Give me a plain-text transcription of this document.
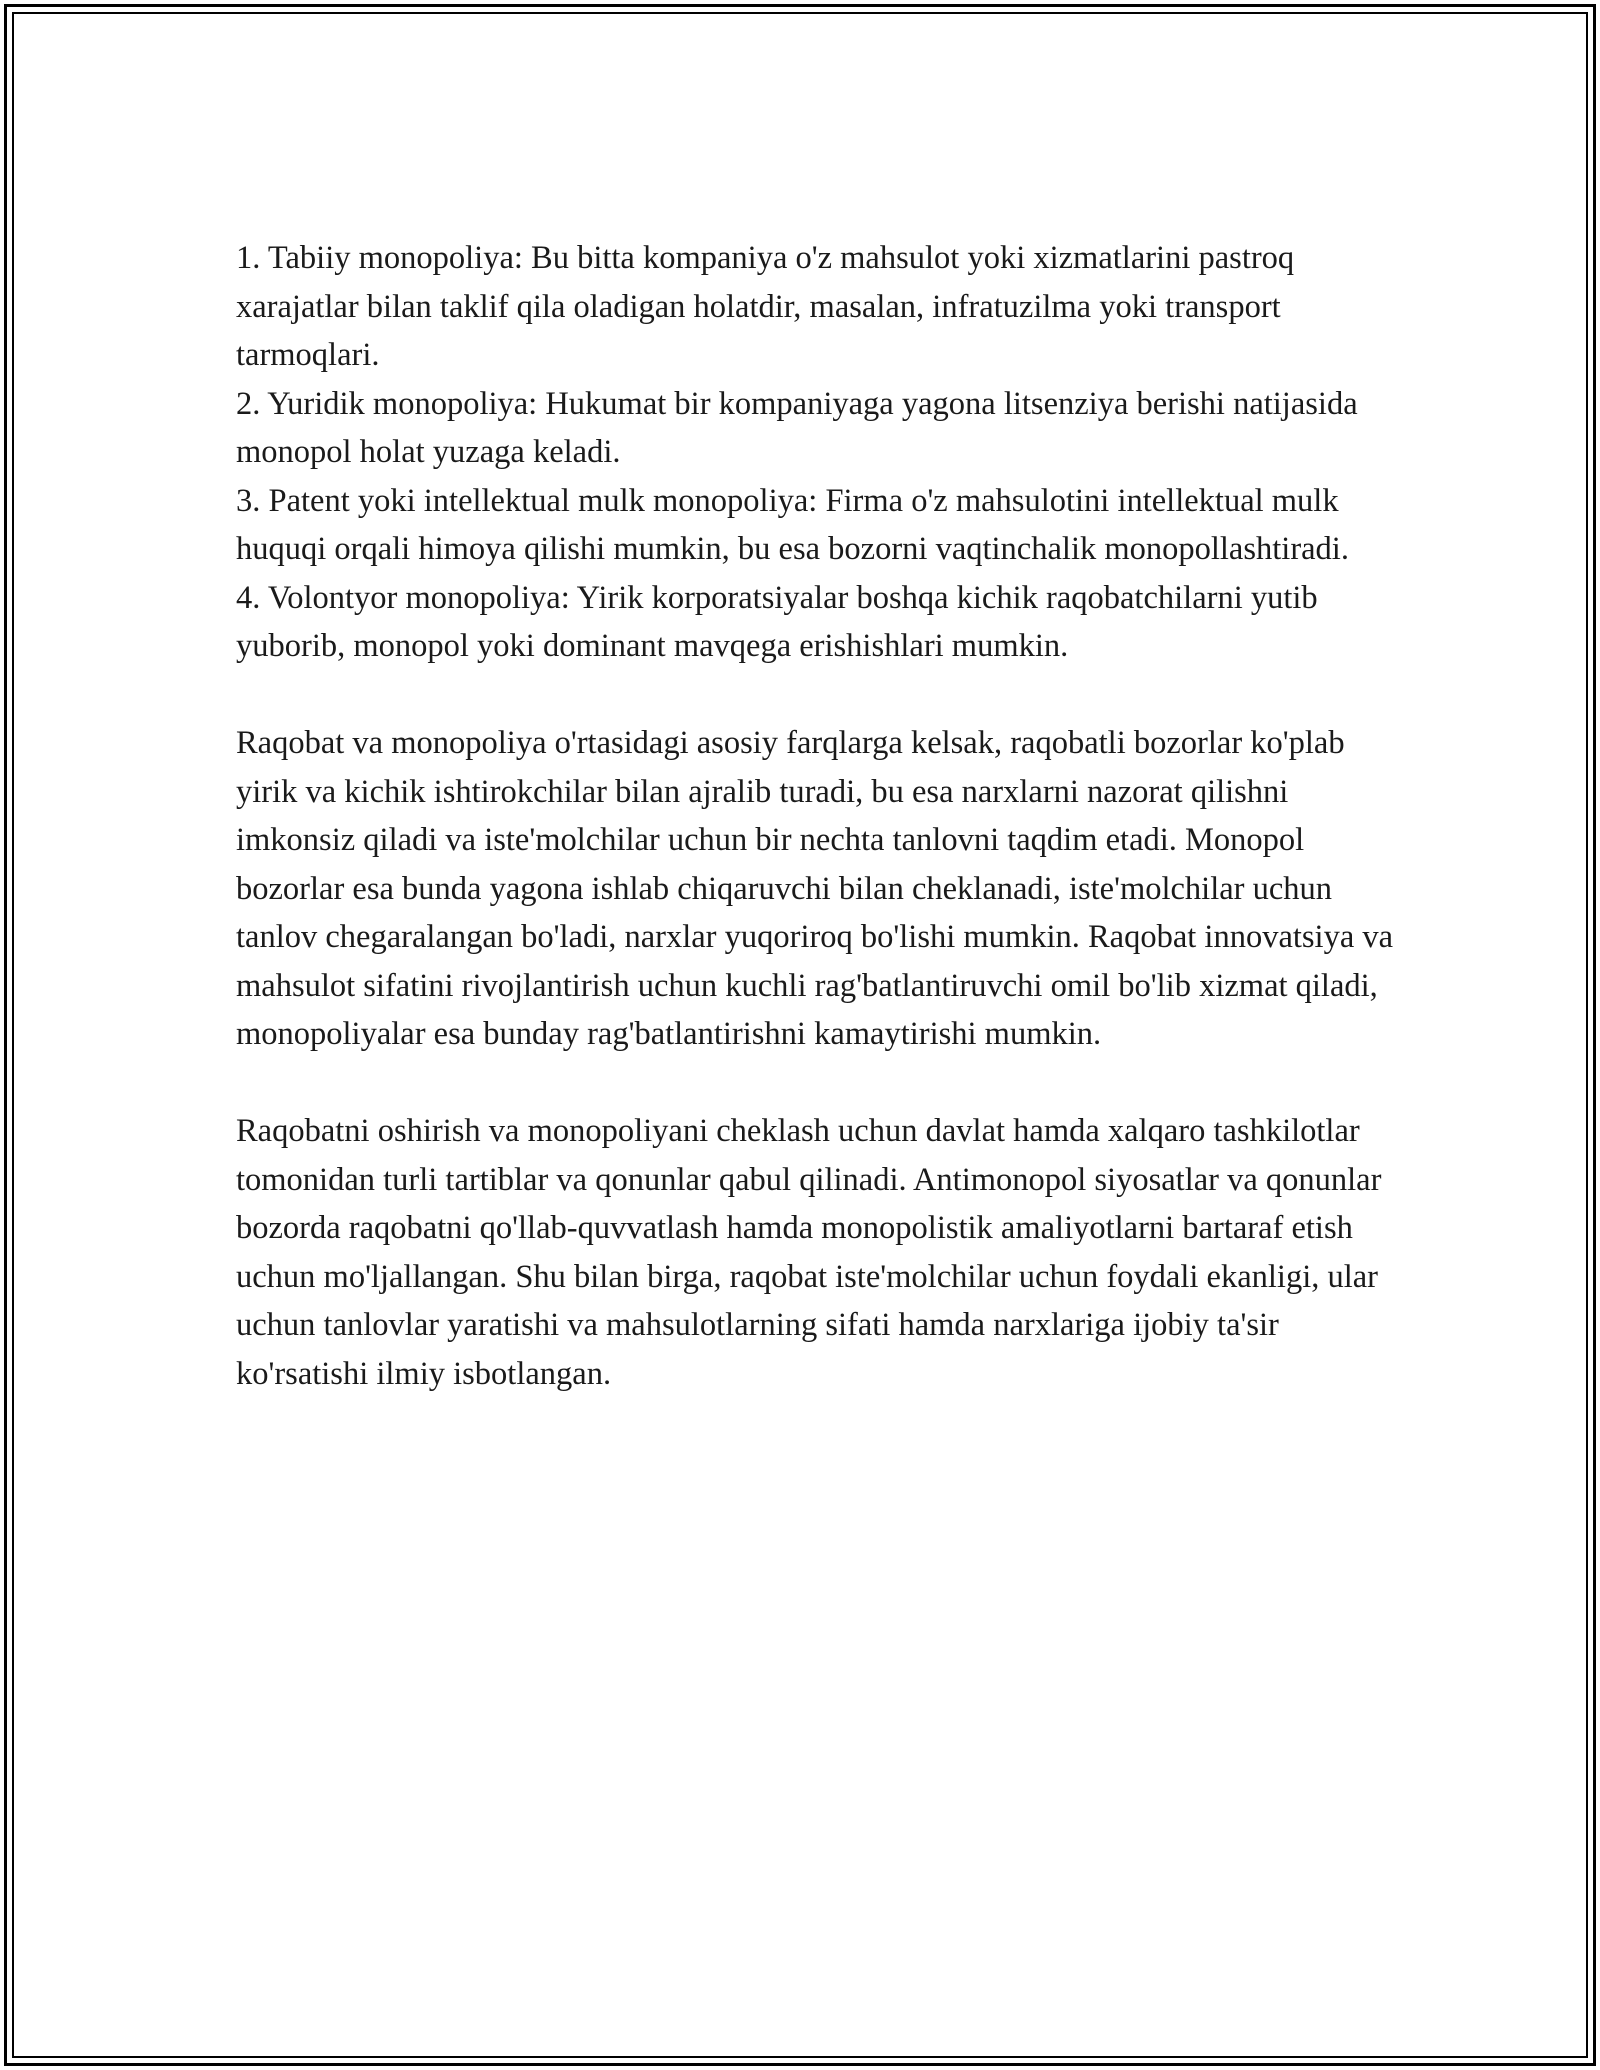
1. Tabiiy monopoliya: Bu bitta kompaniya o'z mahsulot yoki xizmatlarini pastroq xarajatlar bilan taklif qila oladigan holatdir, masalan, infratuzilma yoki transport tarmoqlari.

2. Yuridik monopoliya: Hukumat bir kompaniyaga yagona litsenziya berishi natijasida monopol holat yuzaga keladi.

3. Patent yoki intellektual mulk monopoliya: Firma o'z mahsulotini intellektual mulk huquqi orqali himoya qilishi mumkin, bu esa bozorni vaqtinchalik monopollashtiradi.

4. Volontyor monopoliya: Yirik korporatsiyalar boshqa kichik raqobatchilarni yutib yuborib, monopol yoki dominant mavqega erishishlari mumkin.

Raqobat va monopoliya o'rtasidagi asosiy farqlarga kelsak, raqobatli bozorlar ko'plab yirik va kichik ishtirokchilar bilan ajralib turadi, bu esa narxlarni nazorat qilishni imkonsiz qiladi va iste'molchilar uchun bir nechta tanlovni taqdim etadi. Monopol bozorlar esa bunda yagona ishlab chiqaruvchi bilan cheklanadi, iste'molchilar uchun tanlov chegaralangan bo'ladi, narxlar yuqoriroq bo'lishi mumkin. Raqobat innovatsiya va mahsulot sifatini rivojlantirish uchun kuchli rag'batlantiruvchi omil bo'lib xizmat qiladi, monopoliyalar esa bunday rag'batlantirishni kamaytirishi mumkin.

Raqobatni oshirish va monopoliyani cheklash uchun davlat hamda xalqaro tashkilotlar tomonidan turli tartiblar va qonunlar qabul qilinadi. Antimonopol siyosatlar va qonunlar bozorda raqobatni qo'llab-quvvatlash hamda monopolistik amaliyotlarni bartaraf etish uchun mo'ljallangan. Shu bilan birga, raqobat iste'molchilar uchun foydali ekanligi, ular uchun tanlovlar yaratishi va mahsulotlarning sifati hamda narxlariga ijobiy ta'sir ko'rsatishi ilmiy isbotlangan.
